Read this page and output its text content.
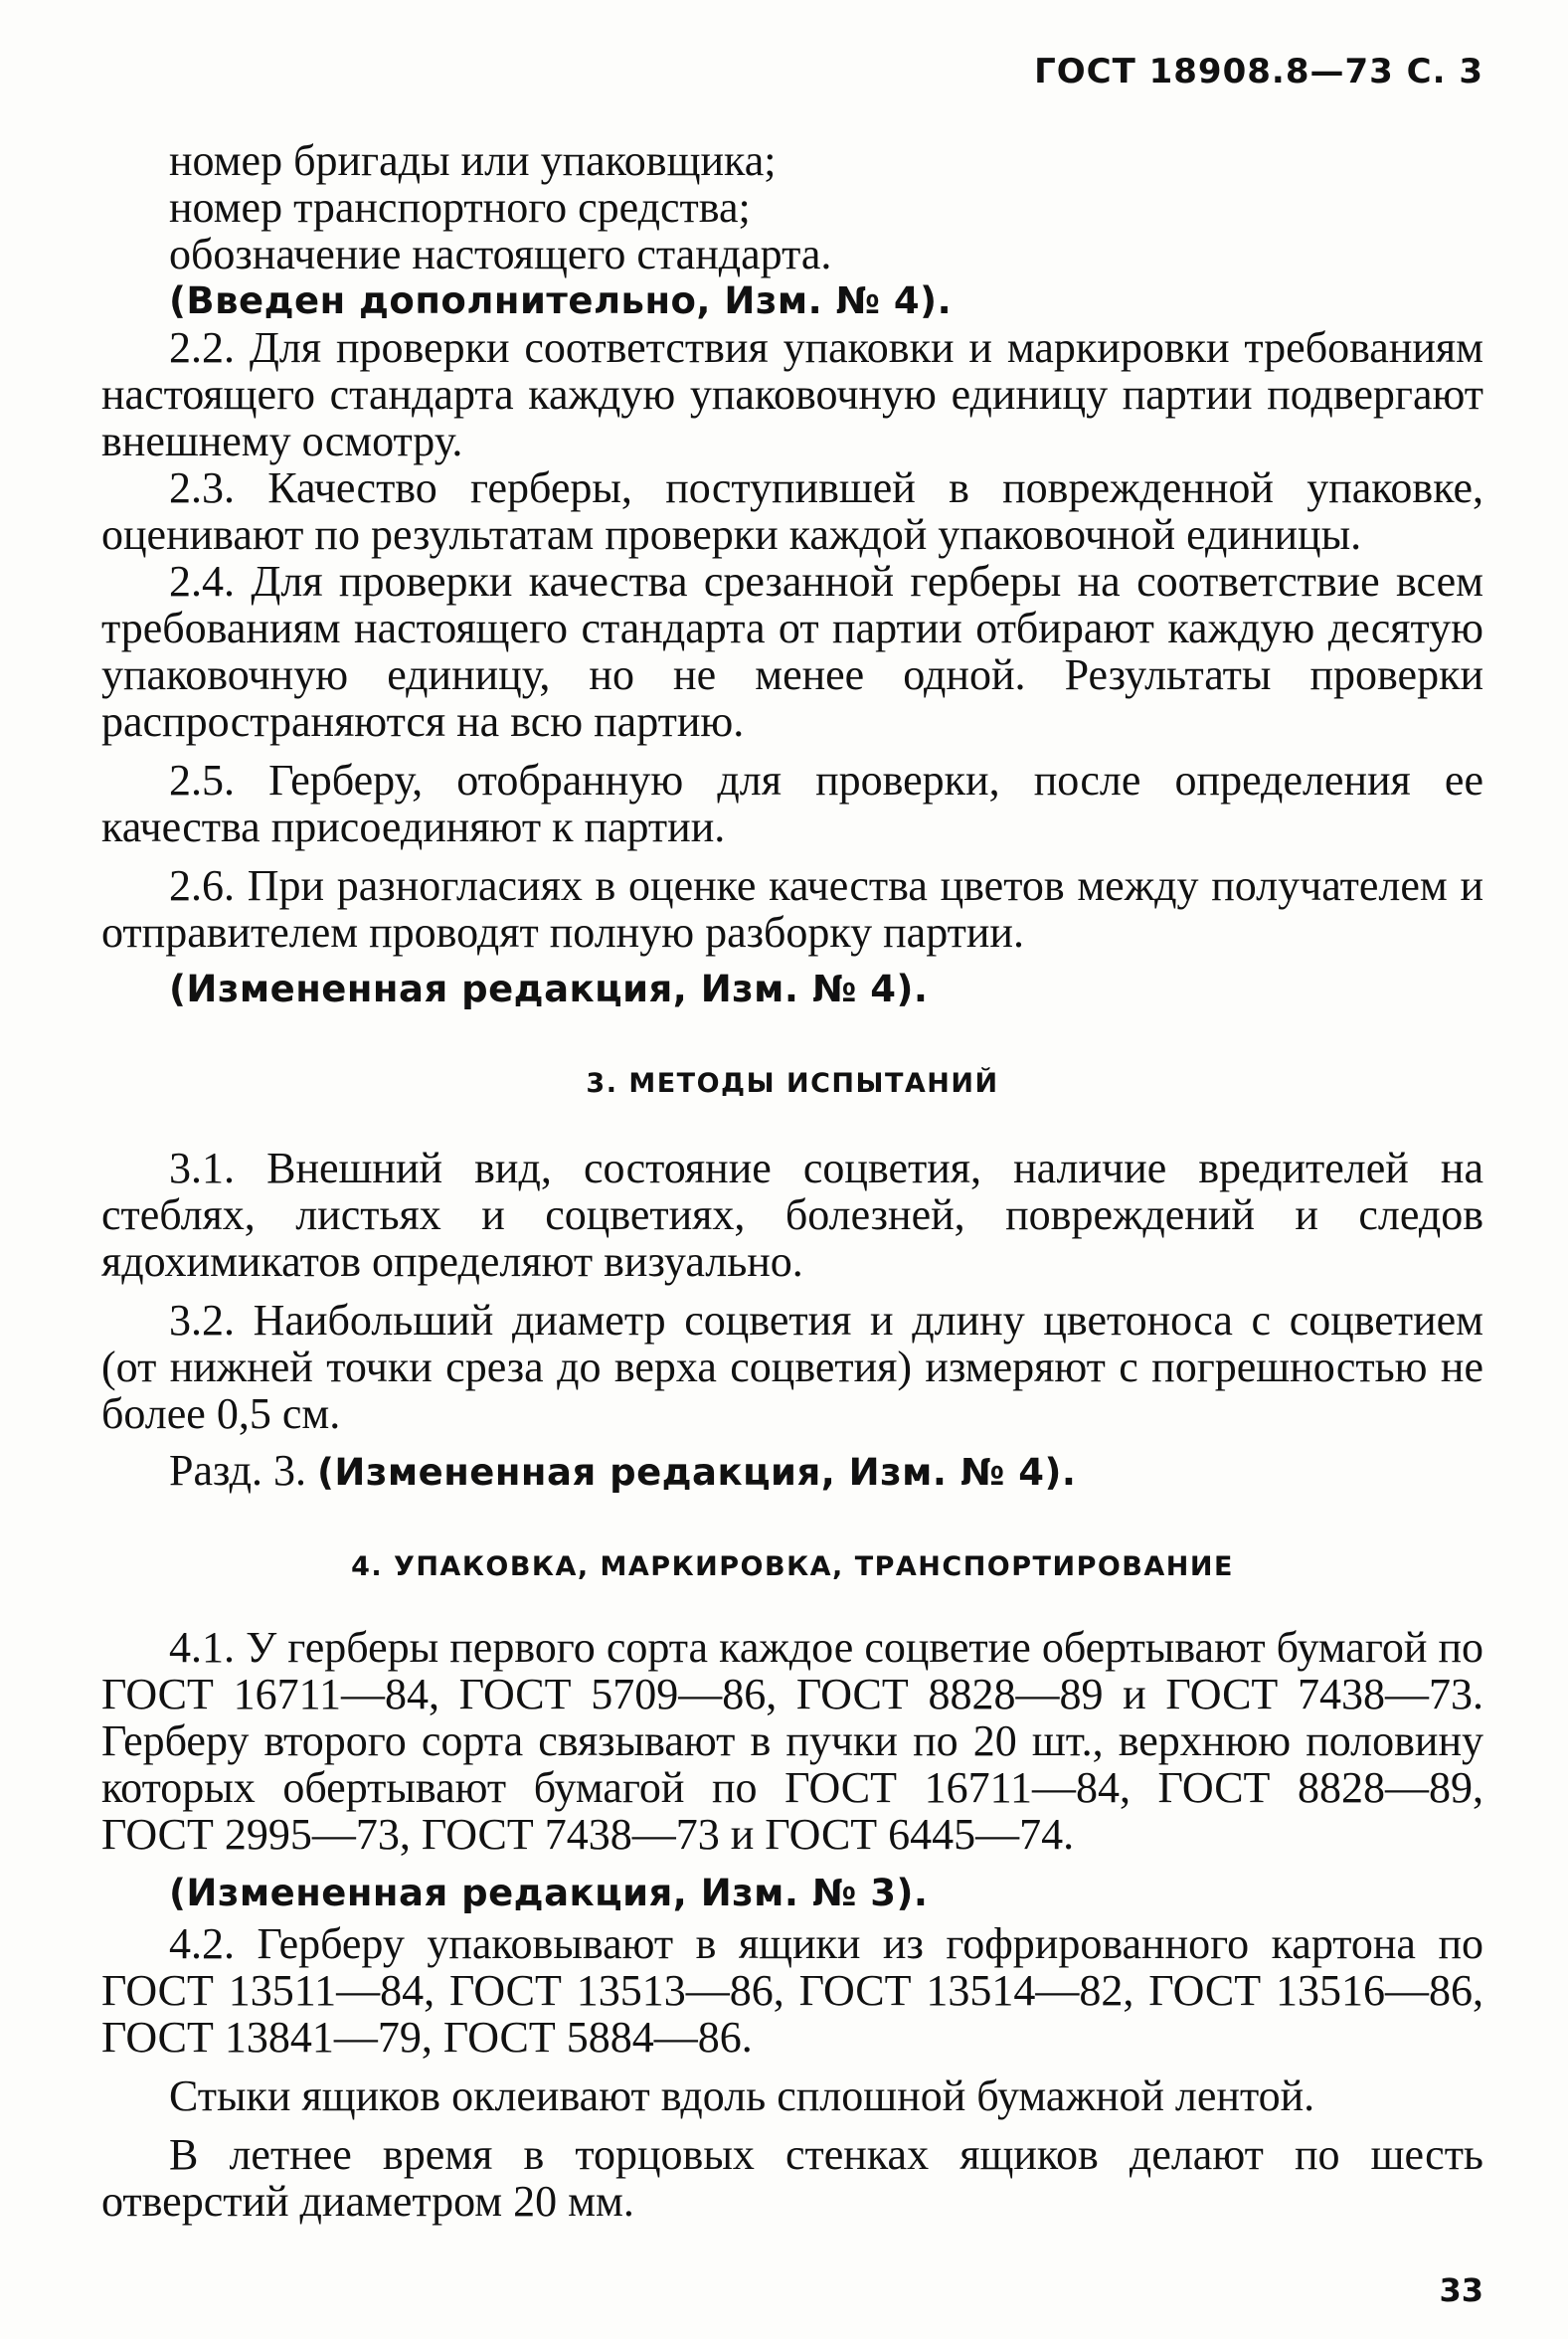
ГОСТ 18908.8—73 С. 3

номер бригады или упаковщика;

номер транспортного средства;

обозначение настоящего стандарта.

(Введен дополнительно, Изм. № 4).

2.2. Для проверки соответствия упаковки и маркировки требованиям настоящего стандарта каждую упаковочную единицу партии подвергают внешнему осмотру.

2.3. Качество герберы, поступившей в поврежденной упаковке, оценивают по результатам проверки каждой упаковочной единицы.

2.4. Для проверки качества срезанной герберы на соответствие всем требованиям настоящего стандарта от партии отбирают каждую десятую упаковочную единицу, но не менее одной. Результаты проверки распространяются на всю партию.

2.5. Герберу, отобранную для проверки, после определения ее качества присоединяют к партии.

2.6. При разногласиях в оценке качества цветов между получателем и отправителем проводят полную разборку партии.

(Измененная редакция, Изм. № 4).

3. МЕТОДЫ ИСПЫТАНИЙ

3.1. Внешний вид, состояние соцветия, наличие вредителей на стеблях, листьях и соцветиях, болезней, повреждений и следов ядохимикатов определяют визуально.

3.2. Наибольший диаметр соцветия и длину цветоноса с соцветием (от нижней точки среза до верха соцветия) измеряют с погрешностью не более 0,5 см.

Разд. 3. (Измененная редакция, Изм. № 4).

4. УПАКОВКА, МАРКИРОВКА, ТРАНСПОРТИРОВАНИЕ

4.1. У герберы первого сорта каждое соцветие обертывают бумагой по ГОСТ 16711—84, ГОСТ 5709—86, ГОСТ 8828—89 и ГОСТ 7438—73. Герберу второго сорта связывают в пучки по 20 шт., верхнюю половину которых обертывают бумагой по ГОСТ 16711—84, ГОСТ 8828—89, ГОСТ 2995—73, ГОСТ 7438—73 и ГОСТ 6445—74.

(Измененная редакция, Изм. № 3).

4.2. Герберу упаковывают в ящики из гофрированного картона по ГОСТ 13511—84, ГОСТ 13513—86, ГОСТ 13514—82, ГОСТ 13516—86, ГОСТ 13841—79, ГОСТ 5884—86.

Стыки ящиков оклеивают вдоль сплошной бумажной лентой.

В летнее время в торцовых стенках ящиков делают по шесть отверстий диаметром 20 мм.

33
